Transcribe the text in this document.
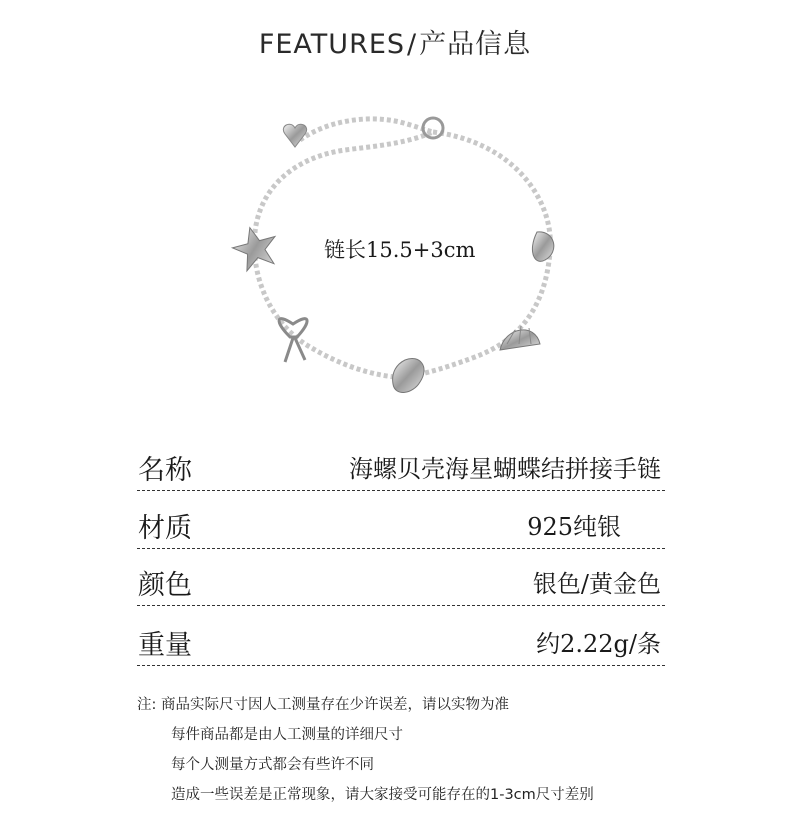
FEATURES/产品信息
链长15.5+3cm
名称	海螺贝壳海星蝴蝶结拼接手链
材质	925纯银
颜色	银色/黄金色
重量	约2.22g/条
注: 商品实际尺寸因人工测量存在少许误差，请以实物为准
每件商品都是由人工测量的详细尺寸
每个人测量方式都会有些许不同
造成一些误差是正常现象，请大家接受可能存在的1-3cm尺寸差别
